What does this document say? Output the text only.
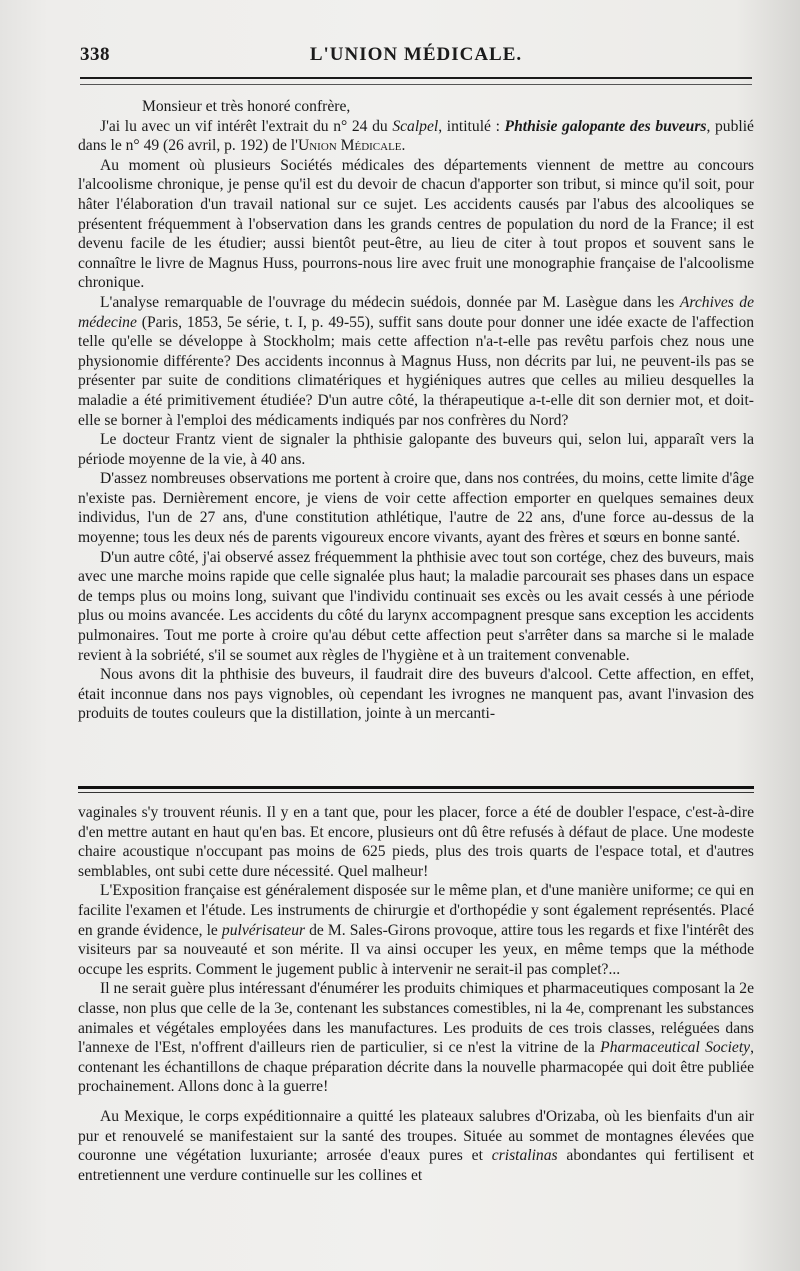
338	L'UNION MÉDICALE.

Monsieur et très honoré confrère,

J'ai lu avec un vif intérêt l'extrait du n° 24 du Scalpel, intitulé : Phthisie galopante des buveurs, publié dans le n° 49 (26 avril, p. 192) de l'Union Médicale.

Au moment où plusieurs Sociétés médicales des départements viennent de mettre au concours l'alcoolisme chronique, je pense qu'il est du devoir de chacun d'apporter son tribut, si mince qu'il soit, pour hâter l'élaboration d'un travail national sur ce sujet. Les accidents causés par l'abus des alcooliques se présentent fréquemment à l'observation dans les grands centres de population du nord de la France; il est devenu facile de les étudier; aussi bientôt peut-être, au lieu de citer à tout propos et souvent sans le connaître le livre de Magnus Huss, pourrons-nous lire avec fruit une monographie française de l'alcoolisme chronique.

L'analyse remarquable de l'ouvrage du médecin suédois, donnée par M. Lasègue dans les Archives de médecine (Paris, 1853, 5e série, t. I, p. 49-55), suffit sans doute pour donner une idée exacte de l'affection telle qu'elle se développe à Stockholm; mais cette affection n'a-t-elle pas revêtu parfois chez nous une physionomie différente? Des accidents inconnus à Magnus Huss, non décrits par lui, ne peuvent-ils pas se présenter par suite de conditions climatériques et hygiéniques autres que celles au milieu desquelles la maladie a été primitivement étudiée? D'un autre côté, la thérapeutique a-t-elle dit son dernier mot, et doit-elle se borner à l'emploi des médicaments indiqués par nos confrères du Nord?

Le docteur Frantz vient de signaler la phthisie galopante des buveurs qui, selon lui, apparaît vers la période moyenne de la vie, à 40 ans.

D'assez nombreuses observations me portent à croire que, dans nos contrées, du moins, cette limite d'âge n'existe pas. Dernièrement encore, je viens de voir cette affection emporter en quelques semaines deux individus, l'un de 27 ans, d'une constitution athlétique, l'autre de 22 ans, d'une force au-dessus de la moyenne; tous les deux nés de parents vigoureux encore vivants, ayant des frères et sœurs en bonne santé.

D'un autre côté, j'ai observé assez fréquemment la phthisie avec tout son cortége, chez des buveurs, mais avec une marche moins rapide que celle signalée plus haut; la maladie parcourait ses phases dans un espace de temps plus ou moins long, suivant que l'individu continuait ses excès ou les avait cessés à une période plus ou moins avancée. Les accidents du côté du larynx accompagnent presque sans exception les accidents pulmonaires. Tout me porte à croire qu'au début cette affection peut s'arrêter dans sa marche si le malade revient à la sobriété, s'il se soumet aux règles de l'hygiène et à un traitement convenable.

Nous avons dit la phthisie des buveurs, il faudrait dire des buveurs d'alcool. Cette affection, en effet, était inconnue dans nos pays vignobles, où cependant les ivrognes ne manquent pas, avant l'invasion des produits de toutes couleurs que la distillation, jointe à un mercanti-

vaginales s'y trouvent réunis. Il y en a tant que, pour les placer, force a été de doubler l'espace, c'est-à-dire d'en mettre autant en haut qu'en bas. Et encore, plusieurs ont dû être refusés à défaut de place. Une modeste chaire acoustique n'occupant pas moins de 625 pieds, plus des trois quarts de l'espace total, et d'autres semblables, ont subi cette dure nécessité. Quel malheur!

L'Exposition française est généralement disposée sur le même plan, et d'une manière uniforme; ce qui en facilite l'examen et l'étude. Les instruments de chirurgie et d'orthopédie y sont également représentés. Placé en grande évidence, le pulvérisateur de M. Sales-Girons provoque, attire tous les regards et fixe l'intérêt des visiteurs par sa nouveauté et son mérite. Il va ainsi occuper les yeux, en même temps que la méthode occupe les esprits. Comment le jugement public à intervenir ne serait-il pas complet?...

Il ne serait guère plus intéressant d'énumérer les produits chimiques et pharmaceutiques composant la 2e classe, non plus que celle de la 3e, contenant les substances comestibles, ni la 4e, comprenant les substances animales et végétales employées dans les manufactures. Les produits de ces trois classes, reléguées dans l'annexe de l'Est, n'offrent d'ailleurs rien de particulier, si ce n'est la vitrine de la Pharmaceutical Society, contenant les échantillons de chaque préparation décrite dans la nouvelle pharmacopée qui doit être publiée prochainement. Allons donc à la guerre!

Au Mexique, le corps expéditionnaire a quitté les plateaux salubres d'Orizaba, où les bienfaits d'un air pur et renouvelé se manifestaient sur la santé des troupes. Située au sommet de montagnes élevées que couronne une végétation luxuriante; arrosée d'eaux pures et cristalinas abondantes qui fertilisent et entretiennent une verdure continuelle sur les collines et
